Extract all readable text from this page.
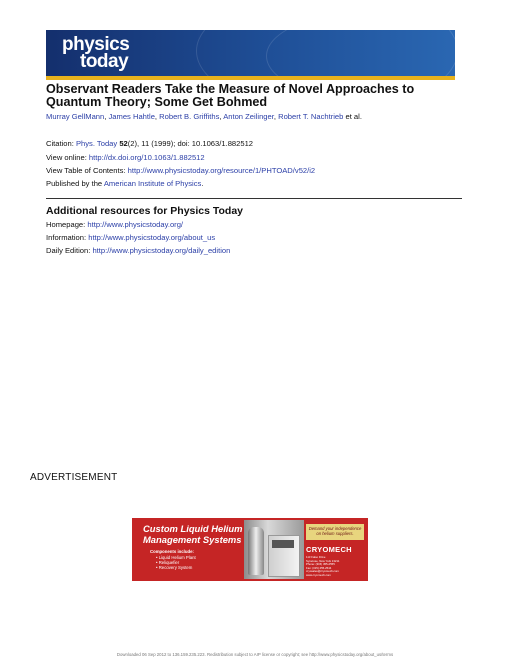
physics
today
Observant Readers Take the Measure of Novel Approaches to Quantum Theory; Some Get Bohmed
Murray GellMann, James Hahtle, Robert B. Griffiths, Anton Zeilinger, Robert T. Nachtrieb et al.
Citation: Phys. Today 52(2), 11 (1999); doi: 10.1063/1.882512
View online: http://dx.doi.org/10.1063/1.882512
View Table of Contents: http://www.physicstoday.org/resource/1/PHTOAD/v52/i2
Published by the American Institute of Physics.
Additional resources for Physics Today
Homepage: http://www.physicstoday.org/
Information: http://www.physicstoday.org/about_us
Daily Edition: http://www.physicstoday.org/daily_edition
ADVERTISEMENT
Custom Liquid Helium
Management Systems
Components include:
• Liquid Helium Plant
• Reliquefier
• Recovery System
Demand your independence on helium suppliers.
CRYOMECH
113 Falso Drive
Syracuse, New York 13211
Phone: (315) 455-2555
Fax: (315) 455-2544
cryosales@cryomech.com
www.cryomech.com
Downloaded 06 Sep 2012 to 136.159.235.223. Redistribution subject to AIP license or copyright; see http://www.physicstoday.org/about_us/terms
